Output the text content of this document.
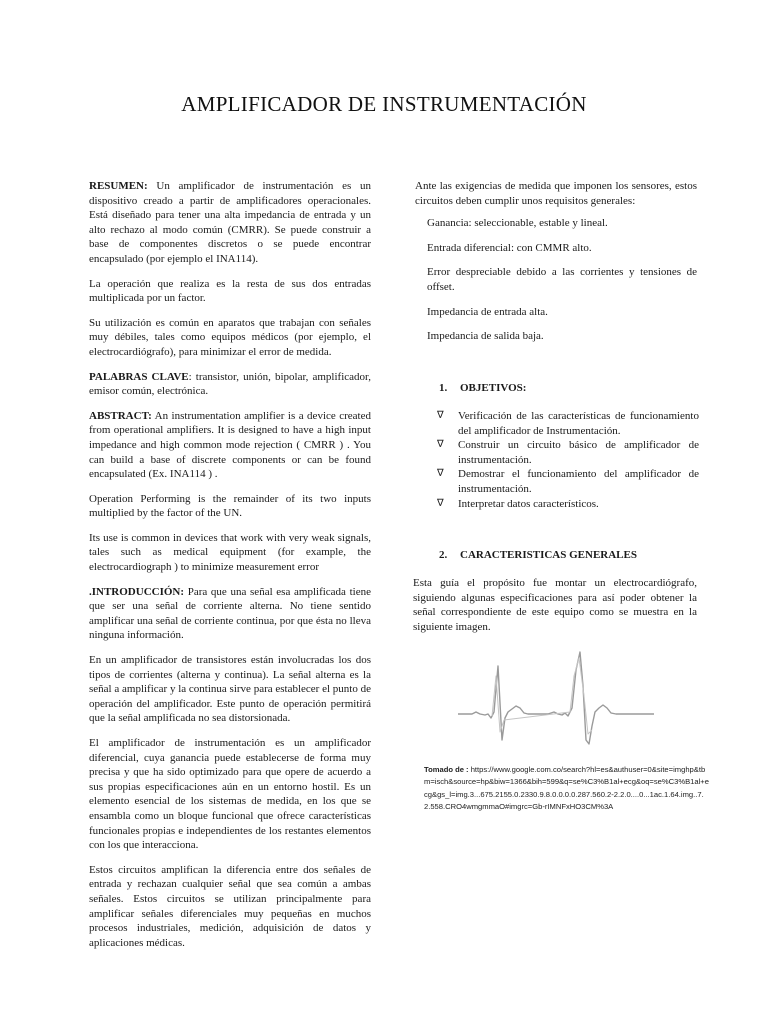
AMPLIFICADOR DE INSTRUMENTACIÓN

RESUMEN: Un amplificador de instrumentación es un dispositivo creado a partir de amplificadores operacionales. Está diseñado para tener una alta impedancia de entrada y un alto rechazo al modo común (CMRR). Se puede construir a base de componentes discretos o se puede encontrar encapsulado (por ejemplo el INA114).

La operación que realiza es la resta de sus dos entradas multiplicada por un factor.

Su utilización es común en aparatos que trabajan con señales muy débiles, tales como equipos médicos (por ejemplo, el electrocardiógrafo), para minimizar el error de medida.

PALABRAS CLAVE: transistor, unión, bipolar, amplificador, emisor común, electrónica.

ABSTRACT: An instrumentation amplifier is a device created from operational amplifiers. It is designed to have a high input impedance and high common mode rejection ( CMRR ) . You can build a base of discrete components or can be found encapsulated (Ex. INA114 ) .

Operation Performing is the remainder of its two inputs multiplied by the factor of the UN.

Its use is common in devices that work with very weak signals, tales such as medical equipment (for example, the electrocardiograph ) to minimize measurement error

.INTRODUCCIÓN: Para que una señal esa amplificada tiene que ser una señal de corriente alterna. No tiene sentido amplificar una señal de corriente continua, por que ésta no lleva ninguna información.

En un amplificador de transistores están involucradas los dos tipos de corrientes (alterna y continua). La señal alterna es la señal a amplificar y la continua sirve para establecer el punto de operación del amplificador. Este punto de operación permitirá que la señal amplificada no sea distorsionada.

El amplificador de instrumentación es un amplificador diferencial, cuya ganancia puede establecerse de forma muy precisa y que ha sido optimizado para que opere de acuerdo a sus propias especificaciones aún en un entorno hostil. Es un elemento esencial de los sistemas de medida, en los que se ensambla como un bloque funcional que ofrece características funcionales propias e independientes de los restantes elementos con los que interacciona.

Estos circuitos amplifican la diferencia entre dos señales de entrada y rechazan cualquier señal que sea común a ambas señales. Estos circuitos se utilizan principalmente para amplificar señales diferenciales muy pequeñas en muchos procesos industriales, medición, adquisición de datos y aplicaciones médicas.

Ante las exigencias de medida que imponen los sensores, estos circuitos deben cumplir unos requisitos generales:

Ganancia: seleccionable, estable y lineal.

Entrada diferencial: con CMMR alto.

Error despreciable debido a las corrientes y tensiones de offset.

Impedancia de entrada alta.

Impedancia de salida baja.

1. OBJETIVOS:
∇	Verificación de las características de funcionamiento del amplificador de Instrumentación.
∇	Construir un circuito básico de amplificador de instrumentación.
∇	Demostrar el funcionamiento del amplificador de instrumentación.
∇	Interpretar datos característicos.
2. CARACTERISTICAS GENERALES

Esta guía el propósito fue montar un electrocardiógrafo, siguiendo algunas especificaciones para así poder obtener la señal correspondiente de este equipo como se muestra en la siguiente imagen.

Tomado de : https://www.google.com.co/search?hl=es&authuser=0&site=imghp&tbm=isch&source=hp&biw=1366&bih=599&q=se%C3%B1al+ecg&oq=se%C3%B1al+ecg&gs_l=img.3...675.2155.0.2330.9.8.0.0.0.0.287.560.2-2.2.0....0...1ac.1.64.img..7.2.558.CRO4wmgmmaO#imgrc=Gb-rIMNFxHO3CM%3A
